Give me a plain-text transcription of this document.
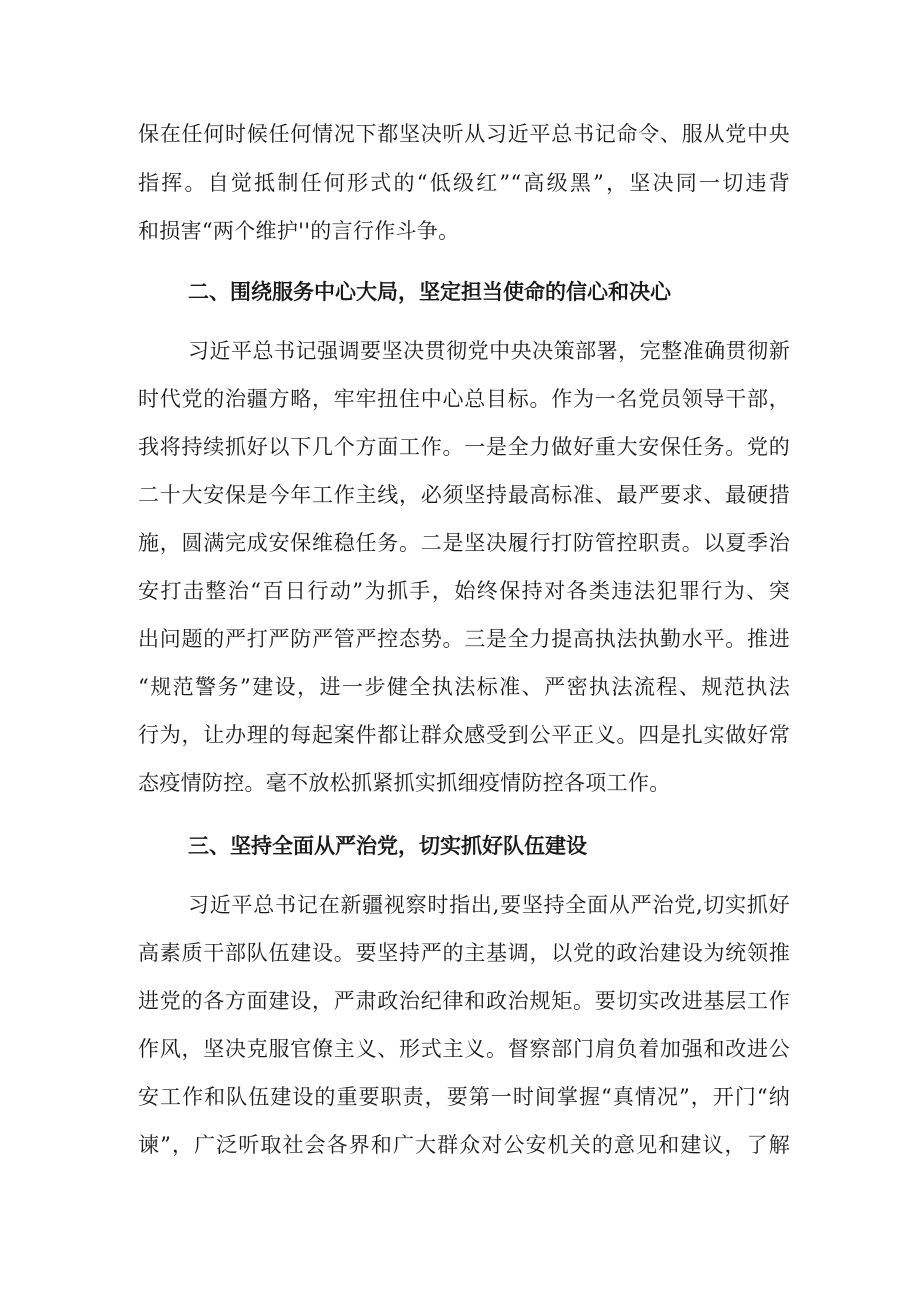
保在任何时候任何情况下都坚决听从习近平总书记命令、服从党中央
指挥。自觉抵制任何形式的“低级红”“高级黑”，坚决同一切违背
和损害“两个维护''的言行作斗争。
二、围绕服务中心大局，坚定担当使命的信心和决心
习近平总书记强调要坚决贯彻党中央决策部署，完整准确贯彻新
时代党的治疆方略，牢牢扭住中心总目标。作为一名党员领导干部，
我将持续抓好以下几个方面工作。一是全力做好重大安保任务。党的
二十大安保是今年工作主线，必须坚持最高标准、最严要求、最硬措
施，圆满完成安保维稳任务。二是坚决履行打防管控职责。以夏季治
安打击整治“百日行动”为抓手，始终保持对各类违法犯罪行为、突
出问题的严打严防严管严控态势。三是全力提高执法执勤水平。推进
“规范警务”建设，进一步健全执法标准、严密执法流程、规范执法
行为，让办理的每起案件都让群众感受到公平正义。四是扎实做好常
态疫情防控。毫不放松抓紧抓实抓细疫情防控各项工作。
三、坚持全面从严治党，切实抓好队伍建设
习近平总书记在新疆视察时指出,要坚持全面从严治党,切实抓好
高素质干部队伍建设。要坚持严的主基调，以党的政治建设为统领推
进党的各方面建设，严肃政治纪律和政治规矩。要切实改进基层工作
作风，坚决克服官僚主义、形式主义。督察部门肩负着加强和改进公
安工作和队伍建设的重要职责，要第一时间掌握“真情况”，开门“纳
谏”，广泛听取社会各界和广大群众对公安机关的意见和建议，了解
